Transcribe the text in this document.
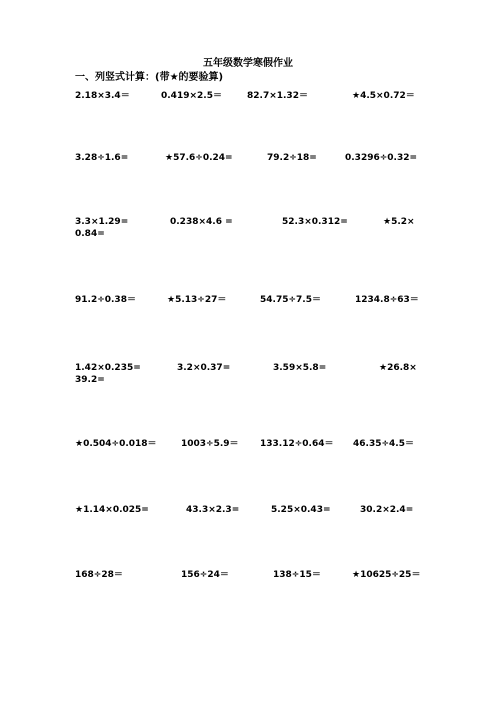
五年级数学寒假作业
一、列竖式计算：(带★的要验算)
2.18×3.4＝	0.419×2.5＝	82.7×1.32＝	★4.5×0.72＝
3.28÷1.6=	★57.6÷0.24=	79.2÷18=	0.3296÷0.32=
3.3×1.29=	0.238×4.6 =	52.3×0.312=	★5.2×
0.84=
91.2÷0.38＝	★5.13÷27＝	54.75÷7.5＝	1234.8÷63＝
1.42×0.235=	3.2×0.37=	3.59×5.8=	★26.8×
39.2=
★0.504÷0.018＝	1003÷5.9＝ 133.12÷0.64＝ 46.35÷4.5＝
★1.14×0.025=	43.3×2.3=	5.25×0.43=	30.2×2.4=
168÷28＝	156÷24＝	138÷15＝	★10625÷25＝
